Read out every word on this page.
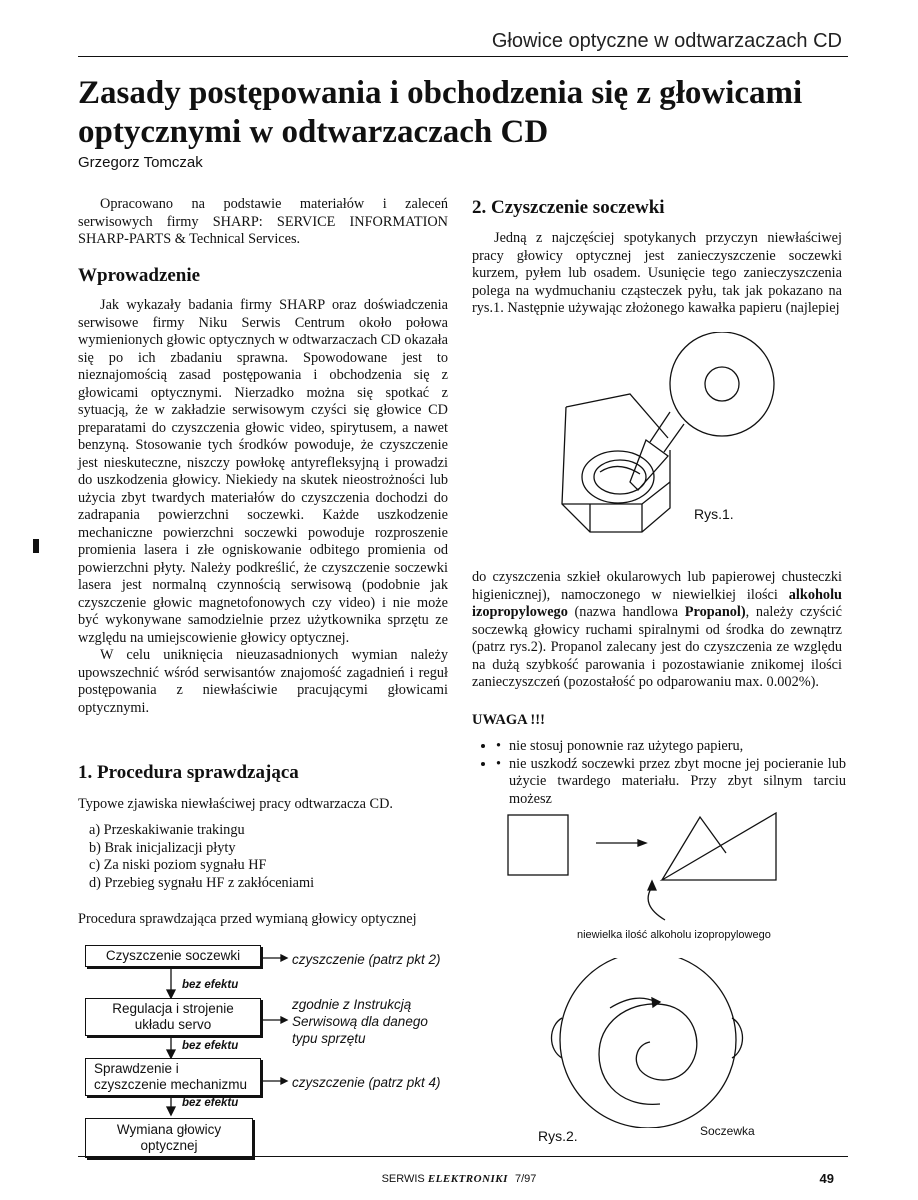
Głowice optyczne w odtwarzaczach CD
Zasady postępowania i obchodzenia się z głowicami optycznymi w odtwarzaczach CD
Grzegorz Tomczak

Opracowano na podstawie materiałów i zaleceń serwisowych firmy SHARP: SERVICE INFORMATION SHARP-PARTS & Technical Services.

Wprowadzenie

Jak wykazały badania firmy SHARP oraz doświadczenia serwisowe firmy Niku Serwis Centrum około połowa wymienionych głowic optycznych w odtwarzaczach CD okazała się po ich zbadaniu sprawna. Spowodowane jest to nieznajomością zasad postępowania i obchodzenia się z głowicami optycznymi. Nierzadko można się spotkać z sytuacją, że w zakładzie serwisowym czyści się głowice CD preparatami do czyszczenia głowic video, spirytusem, a nawet benzyną. Stosowanie tych środków powoduje, że czyszczenie jest nieskuteczne, niszczy powłokę antyrefleksyjną i prowadzi do uszkodzenia głowicy. Niekiedy na skutek nieostrożności lub użycia zbyt twardych materiałów do czyszczenia dochodzi do zadrapania powierzchni soczewki. Każde uszkodzenie mechaniczne powierzchni soczewki powoduje rozproszenie promienia lasera i złe ogniskowanie odbitego promienia od powierzchni płyty. Należy podkreślić, że czyszczenie soczewki lasera jest normalną czynnością serwisową (podobnie jak czyszczenie głowic magnetofonowych czy video) i nie może być wykonywane samodzielnie przez użytkownika sprzętu ze względu na umiejscowienie głowicy optycznej.

W celu uniknięcia nieuzasadnionych wymian należy upowszechnić wśród serwisantów znajomość zagadnień i reguł postępowania z niewłaściwie pracującymi głowicami optycznymi.

1. Procedura sprawdzająca
Typowe zjawiska niewłaściwej pracy odtwarzacza CD.
a) Przeskakiwanie trakingu
b) Brak inicjalizacji płyty
c) Za niski poziom sygnału HF
d) Przebieg sygnału HF z zakłóceniami
Procedura sprawdzająca przed wymianą głowicy optycznej
Czyszczenie soczewki
bez efektu
Regulacja i strojenie układu servo
bez efektu
Sprawdzenie i czyszczenie mechanizmu
bez efektu
Wymiana głowicy optycznej
czyszczenie (patrz pkt 2)
zgodnie z Instrukcją Serwisową dla danego typu sprzętu
czyszczenie (patrz pkt 4)
2. Czyszczenie soczewki

Jedną z najczęściej spotykanych przyczyn niewłaściwej pracy głowicy optycznej jest zanieczyszczenie soczewki kurzem, pyłem lub osadem. Usunięcie tego zanieczyszczenia polega na wydmuchaniu cząsteczek pyłu, tak jak pokazano na rys.1. Następnie używając złożonego kawałka papieru (najlepiej

Rys.1.
do czyszczenia szkieł okularowych lub papierowej chusteczki higienicznej), namoczonego w niewielkiej ilości alkoholu izopropylowego (nazwa handlowa Propanol), należy czyścić soczewką głowicy ruchami spiralnymi od środka do zewnątrz (patrz rys.2). Propanol zalecany jest do czyszczenia ze względu na dużą szybkość parowania i pozostawianie znikomej ilości zanieczyszczeń (pozostałość po odparowaniu max. 0.002%).
UWAGA !!!
• • nie stosuj ponownie raz użytego papieru,
• • nie uszkodź soczewki przez zbyt mocne jej pocieranie lub użycie twardego materiału. Przy zbyt silnym tarciu możesz
niewielka ilość alkoholu izopropylowego
Rys.2.	Soczewka
SERWIS ELEKTRONIKI 7/97	49
